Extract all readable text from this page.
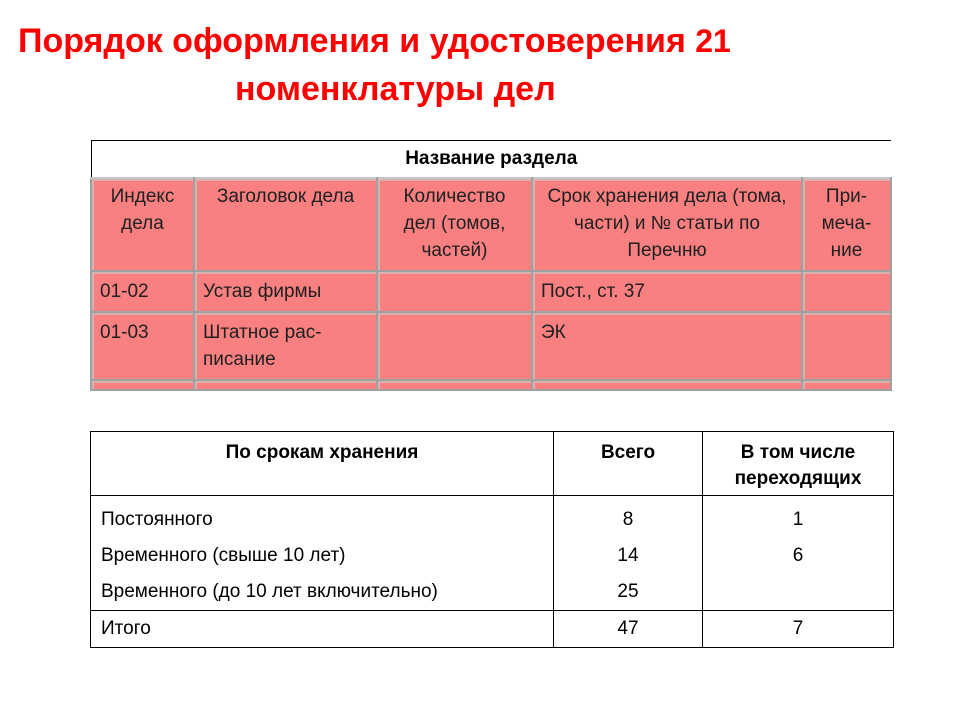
Порядок оформления и удостоверения 21
номенклатуры дел
Название раздела				
Индекс дела	Заголовок дела	Количество дел (томов, частей)	Срок хранения дела (тома, части) и № статьи по Перечню	При-меча-ние
01-02	Устав фирмы		Пост., ст. 37	
01-03	Штатное рас-писание		ЭК	

По срокам хранения	Всего	В том числе переходящих
Постоянного	8	1
Временного (свыше 10 лет)	14	6
Временного (до 10 лет включительно)	25	
Итого	47	7
